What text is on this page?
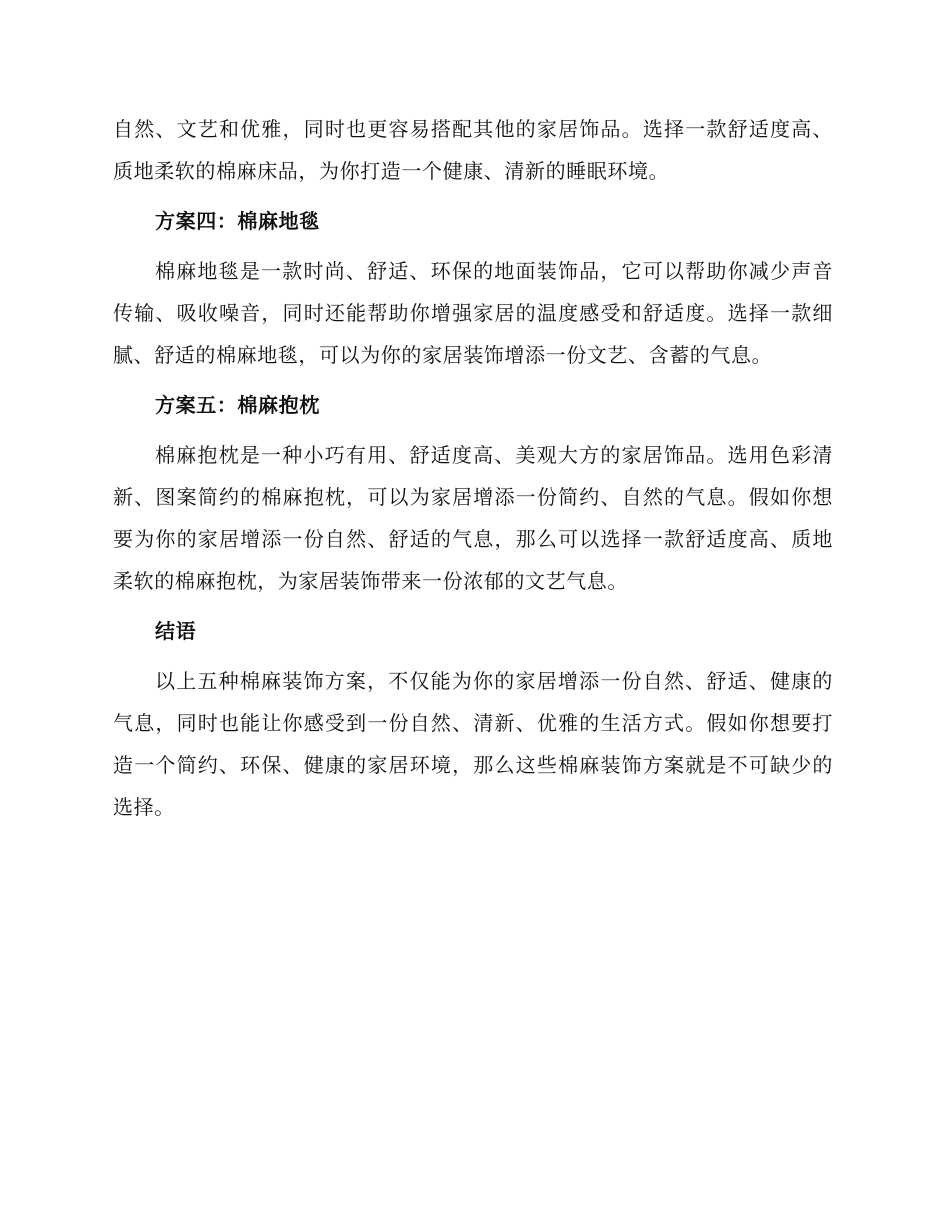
自然、文艺和优雅，同时也更容易搭配其他的家居饰品。选择一款舒适度高、质地柔软的棉麻床品，为你打造一个健康、清新的睡眠环境。

方案四：棉麻地毯

棉麻地毯是一款时尚、舒适、环保的地面装饰品，它可以帮助你减少声音传输、吸收噪音，同时还能帮助你增强家居的温度感受和舒适度。选择一款细腻、舒适的棉麻地毯，可以为你的家居装饰增添一份文艺、含蓄的气息。

方案五：棉麻抱枕

棉麻抱枕是一种小巧有用、舒适度高、美观大方的家居饰品。选用色彩清新、图案简约的棉麻抱枕，可以为家居增添一份简约、自然的气息。假如你想要为你的家居增添一份自然、舒适的气息，那么可以选择一款舒适度高、质地柔软的棉麻抱枕，为家居装饰带来一份浓郁的文艺气息。

结语

以上五种棉麻装饰方案，不仅能为你的家居增添一份自然、舒适、健康的气息，同时也能让你感受到一份自然、清新、优雅的生活方式。假如你想要打造一个简约、环保、健康的家居环境，那么这些棉麻装饰方案就是不可缺少的选择。
